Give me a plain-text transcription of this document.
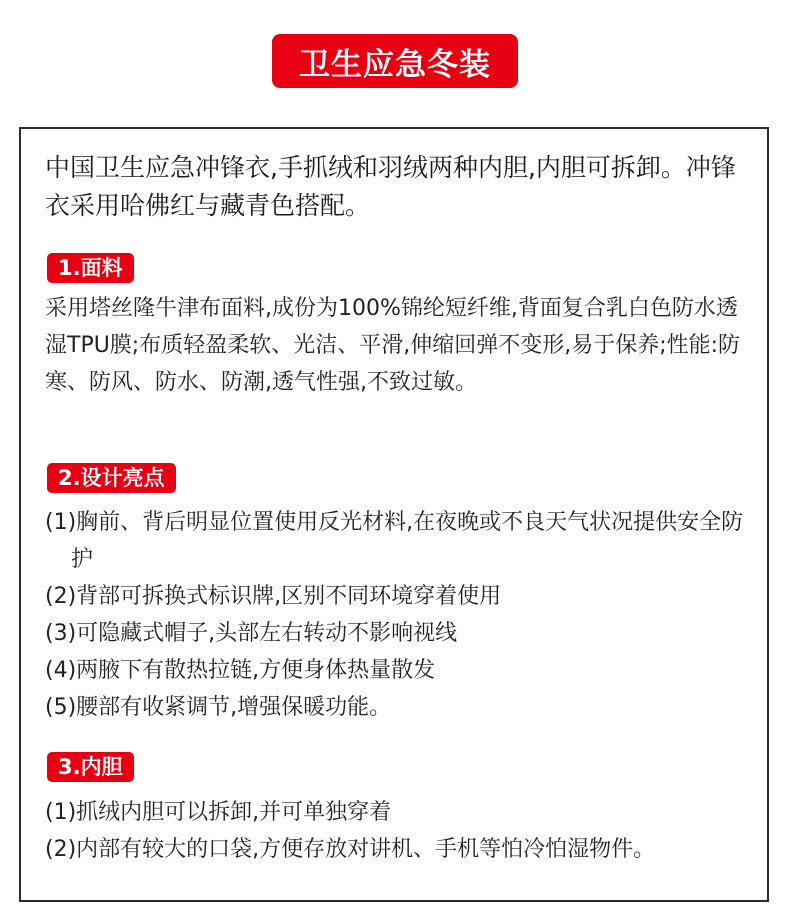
卫生应急冬装
中国卫生应急冲锋衣,手抓绒和羽绒两种内胆,内胆可拆卸。冲锋衣采用哈佛红与藏青色搭配。
1.面料
采用塔丝隆牛津布面料,成份为100%锦纶短纤维,背面复合乳白色防水透湿TPU膜;布质轻盈柔软、光洁、平滑,伸缩回弹不变形,易于保养;性能:防寒、防风、防水、防潮,透气性强,不致过敏。
2.设计亮点
(1)胸前、背后明显位置使用反光材料,在夜晚或不良天气状况提供安全防护
(2)背部可拆换式标识牌,区别不同环境穿着使用
(3)可隐藏式帽子,头部左右转动不影响视线
(4)两腋下有散热拉链,方便身体热量散发
(5)腰部有收紧调节,增强保暖功能。
3.内胆
(1)抓绒内胆可以拆卸,并可单独穿着
(2)内部有较大的口袋,方便存放对讲机、手机等怕冷怕湿物件。
